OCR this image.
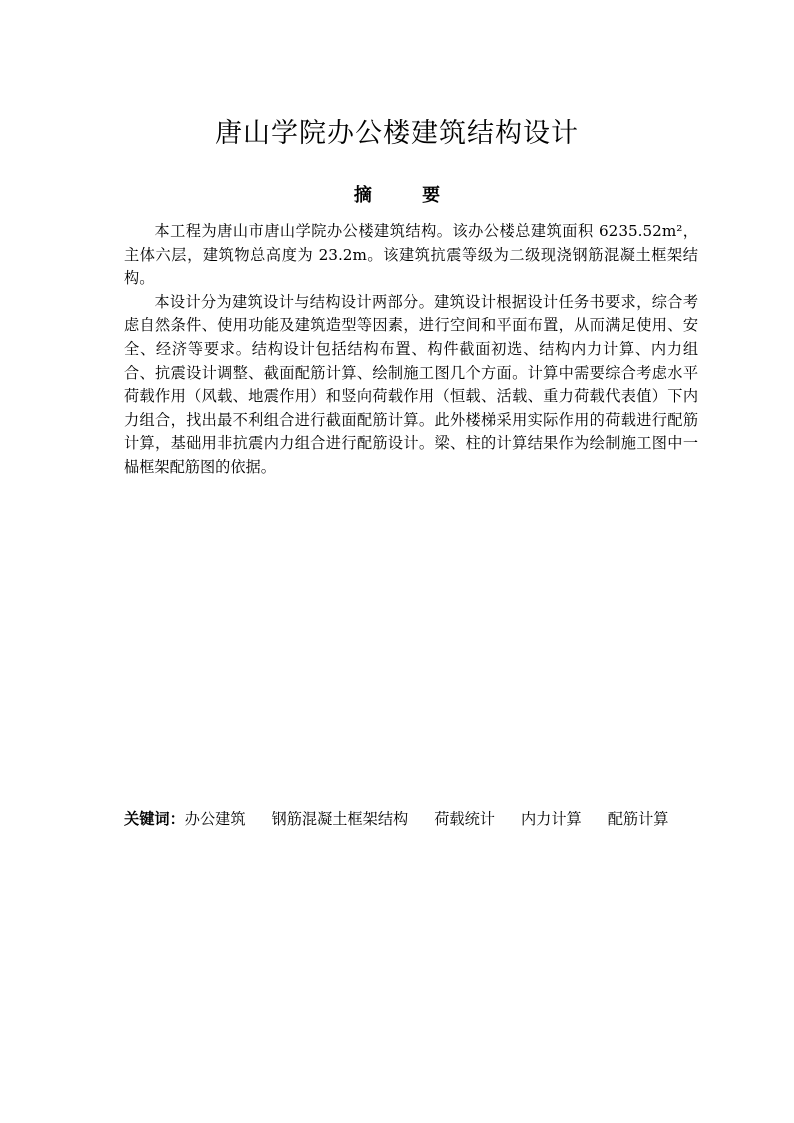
唐山学院办公楼建筑结构设计
摘 要

本工程为唐山市唐山学院办公楼建筑结构。该办公楼总建筑面积 6235.52m²，主体六层，建筑物总高度为 23.2m。该建筑抗震等级为二级现浇钢筋混凝土框架结构。

本设计分为建筑设计与结构设计两部分。建筑设计根据设计任务书要求，综合考虑自然条件、使用功能及建筑造型等因素，进行空间和平面布置，从而满足使用、安全、经济等要求。结构设计包括结构布置、构件截面初选、结构内力计算、内力组合、抗震设计调整、截面配筋计算、绘制施工图几个方面。计算中需要综合考虑水平荷载作用（风载、地震作用）和竖向荷载作用（恒载、活载、重力荷载代表值）下内力组合，找出最不利组合进行截面配筋计算。此外楼梯采用实际作用的荷载进行配筋计算，基础用非抗震内力组合进行配筋设计。梁、柱的计算结果作为绘制施工图中一榀框架配筋图的依据。

关键词：办公建筑 钢筋混凝土框架结构 荷载统计 内力计算 配筋计算
